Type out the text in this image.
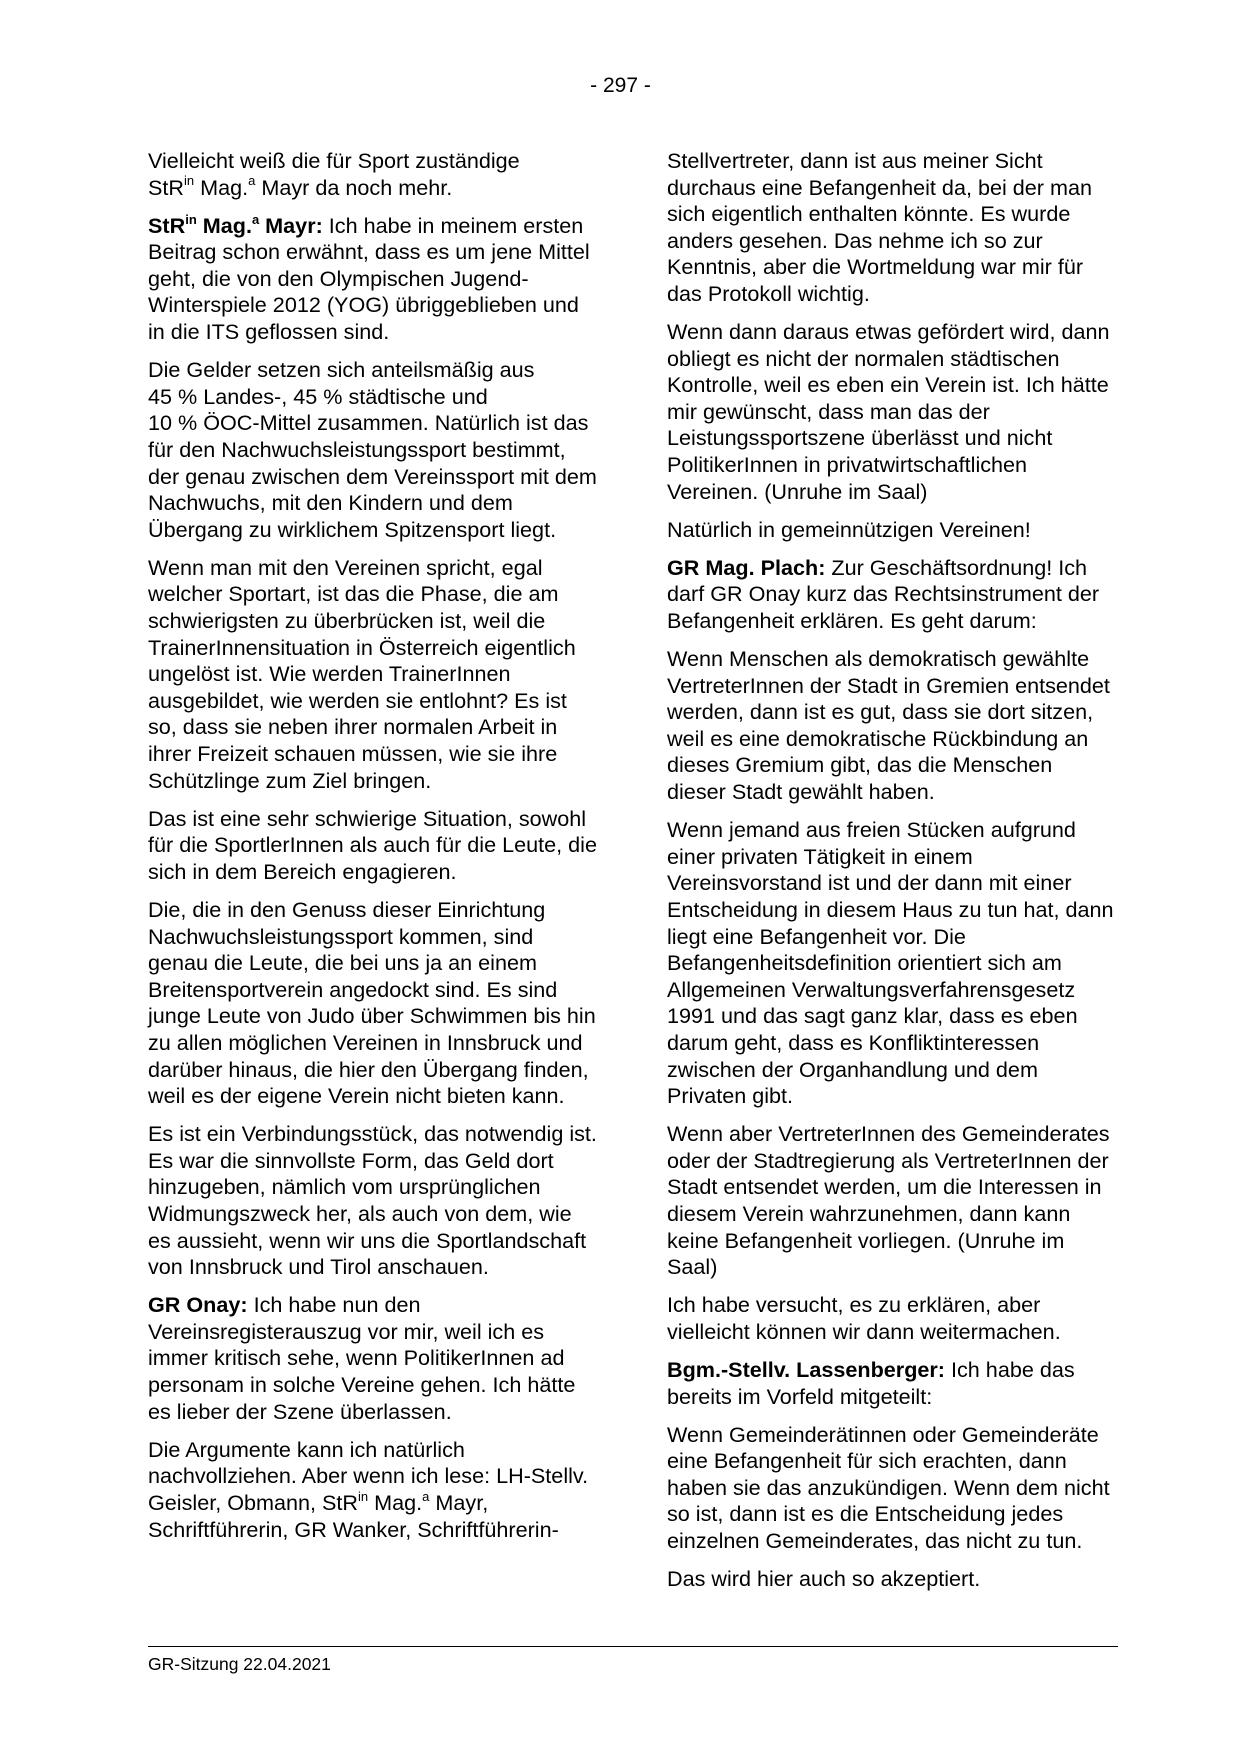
- 297 -

Vielleicht weiß die für Sport zuständige
StR$^{in}$ Mag.$^a$ Mayr da noch mehr.

StR$^{in}$ Mag.$^a$ Mayr: Ich habe in meinem ersten Beitrag schon erwähnt, dass es um jene Mittel geht, die von den Olympischen Jugend-Winterspiele 2012 (YOG) übriggeblieben und in die ITS geflossen sind.

Die Gelder setzen sich anteilsmäßig aus
45 % Landes-, 45 % städtische und
10 % ÖOC-Mittel zusammen. Natürlich ist das für den Nachwuchsleistungssport bestimmt, der genau zwischen dem Vereinssport mit dem Nachwuchs, mit den Kindern und dem Übergang zu wirklichem Spitzensport liegt.

Wenn man mit den Vereinen spricht, egal welcher Sportart, ist das die Phase, die am schwierigsten zu überbrücken ist, weil die TrainerInnensituation in Österreich eigentlich ungelöst ist. Wie werden TrainerInnen ausgebildet, wie werden sie entlohnt? Es ist so, dass sie neben ihrer normalen Arbeit in ihrer Freizeit schauen müssen, wie sie ihre Schützlinge zum Ziel bringen.

Das ist eine sehr schwierige Situation, sowohl für die SportlerInnen als auch für die Leute, die sich in dem Bereich engagieren.

Die, die in den Genuss dieser Einrichtung Nachwuchsleistungssport kommen, sind genau die Leute, die bei uns ja an einem Breitensportverein angedockt sind. Es sind junge Leute von Judo über Schwimmen bis hin zu allen möglichen Vereinen in Innsbruck und darüber hinaus, die hier den Übergang finden, weil es der eigene Verein nicht bieten kann.

Es ist ein Verbindungsstück, das notwendig ist. Es war die sinnvollste Form, das Geld dort hinzugeben, nämlich vom ursprünglichen Widmungszweck her, als auch von dem, wie es aussieht, wenn wir uns die Sportlandschaft von Innsbruck und Tirol anschauen.

GR Onay: Ich habe nun den Vereinsregisterauszug vor mir, weil ich es immer kritisch sehe, wenn PolitikerInnen ad personam in solche Vereine gehen. Ich hätte es lieber der Szene überlassen.

Die Argumente kann ich natürlich nachvollziehen. Aber wenn ich lese: LH-Stellv. Geisler, Obmann, StR$^{in}$ Mag.$^a$ Mayr, Schriftführerin, GR Wanker, Schriftführerin-

Stellvertreter, dann ist aus meiner Sicht durchaus eine Befangenheit da, bei der man sich eigentlich enthalten könnte. Es wurde anders gesehen. Das nehme ich so zur Kenntnis, aber die Wortmeldung war mir für das Protokoll wichtig.

Wenn dann daraus etwas gefördert wird, dann obliegt es nicht der normalen städtischen Kontrolle, weil es eben ein Verein ist. Ich hätte mir gewünscht, dass man das der Leistungssportszene überlässt und nicht PolitikerInnen in privatwirtschaftlichen Vereinen. (Unruhe im Saal)

Natürlich in gemeinnützigen Vereinen!

GR Mag. Plach: Zur Geschäftsordnung! Ich darf GR Onay kurz das Rechtsinstrument der Befangenheit erklären. Es geht darum:

Wenn Menschen als demokratisch gewählte VertreterInnen der Stadt in Gremien entsendet werden, dann ist es gut, dass sie dort sitzen, weil es eine demokratische Rückbindung an dieses Gremium gibt, das die Menschen dieser Stadt gewählt haben.

Wenn jemand aus freien Stücken aufgrund einer privaten Tätigkeit in einem Vereinsvorstand ist und der dann mit einer Entscheidung in diesem Haus zu tun hat, dann liegt eine Befangenheit vor. Die Befangenheitsdefinition orientiert sich am Allgemeinen Verwaltungsverfahrensgesetz 1991 und das sagt ganz klar, dass es eben darum geht, dass es Konfliktinteressen zwischen der Organhandlung und dem Privaten gibt.

Wenn aber VertreterInnen des Gemeinderates oder der Stadtregierung als VertreterInnen der Stadt entsendet werden, um die Interessen in diesem Verein wahrzunehmen, dann kann keine Befangenheit vorliegen. (Unruhe im Saal)

Ich habe versucht, es zu erklären, aber vielleicht können wir dann weitermachen.

Bgm.-Stellv. Lassenberger: Ich habe das bereits im Vorfeld mitgeteilt:

Wenn Gemeinderätinnen oder Gemeinderäte eine Befangenheit für sich erachten, dann haben sie das anzukündigen. Wenn dem nicht so ist, dann ist es die Entscheidung jedes einzelnen Gemeinderates, das nicht zu tun.

Das wird hier auch so akzeptiert.

GR-Sitzung 22.04.2021
